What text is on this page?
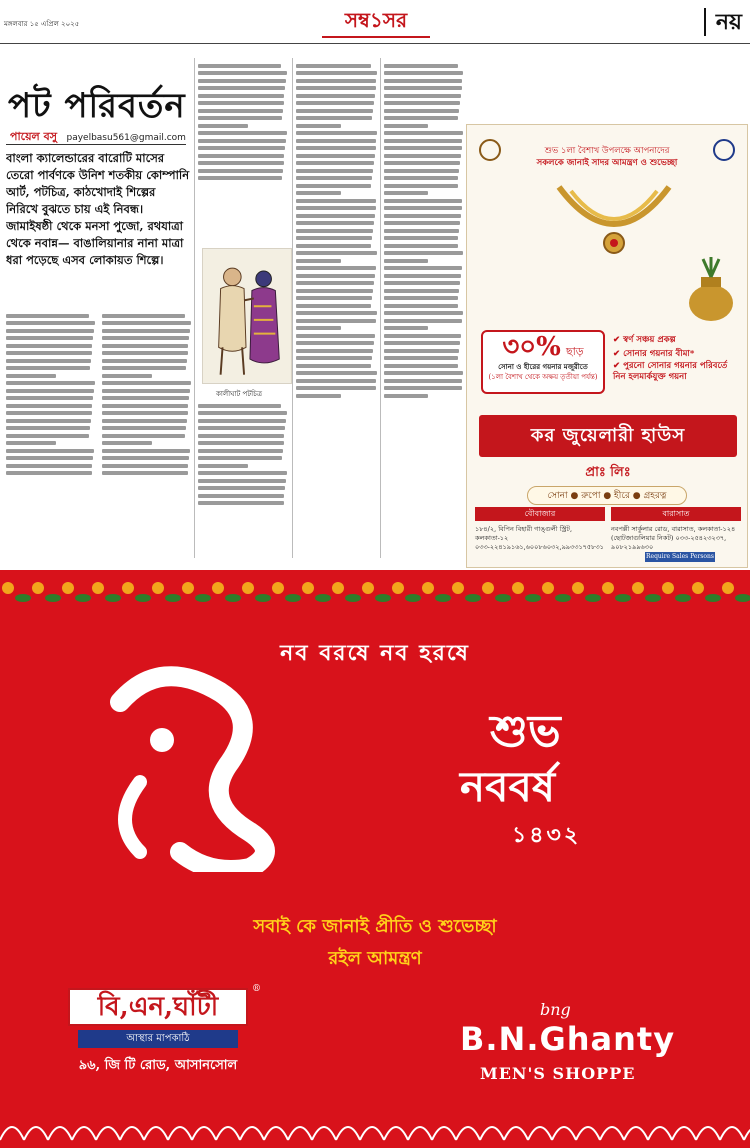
মঙ্গলবার ১৫ এপ্রিল ২০২৫	সম্ব১সর	নয়
পট পরিবর্তন
পায়েল বসু payelbasu561@gmail.com
বাংলা ক্যালেন্ডারের বারোটি মাসের তেরো পার্বণকে উনিশ শতকীয় কোম্পানি আর্ট, পটচিত্র, কাঠখোদাই শিল্পের নিরিখে বুঝতে চায় এই নিবন্ধ। জামাইষষ্ঠী থেকে মনসা পুজো, রথযাত্রা থেকে নবান্ন— বাঙালিয়ানার নানা মাত্রা ধরা পড়েছে এসব লোকায়ত শিল্পে।
কালীঘাট পটচিত্র
শুভ ১লা বৈশাখ উপলক্ষে আপনাদের
সকলকে জানাই সাদর আমন্ত্রণ ও শুভেচ্ছা
৩০% ছাড়
সোনা ও হীরের গয়নার মজুরীতে
(১লা বৈশাখ থেকে অক্ষয় তৃতীয়া পর্যন্ত)
✔ স্বর্ণ সঞ্চয় প্রকল্প
✔ সোনার গয়নার বীমা*
✔ পুরনো সোনার গয়নার পরিবর্তে নিন হলমার্কযুক্ত গয়না
কর জুয়েলারী হাউস
প্রাঃ লিঃ
সোনা ● রুপো ● হীরে ● গ্রহরত্ন
বৌবাজার	বারাসাত
১৮৪/২, বিপিন বিহারী গাঙ্গুলী স্ট্রিট, কলকাতা-১২
০৩৩-২২৪১৯১৬১,৬০০৮৬০৩২,৯৯৩৩১৭৫৮৩১
নবপল্লী সার্কুলার রোড, বারাসাত, কলকাতা-১২৪
(ছোটজাগুলিয়ার নিকট) ০৩৩-২৫৪২৩২৩৭, ৯০৮২১৯৯৬৩০
Require Sales Persons
নব বরষে নব হরষে
শুভ
নববর্ষ
১৪৩২
সবাই কে জানাই প্রীতি ও শুভেচ্ছা
রইল আমন্ত্রণ
বি,এন,ঘাঁটী
®
আস্থার মাপকাঠি
৯৬, জি টি রোড, আসানসোল
bng
B.N.Ghanty
MEN'S SHOPPE
